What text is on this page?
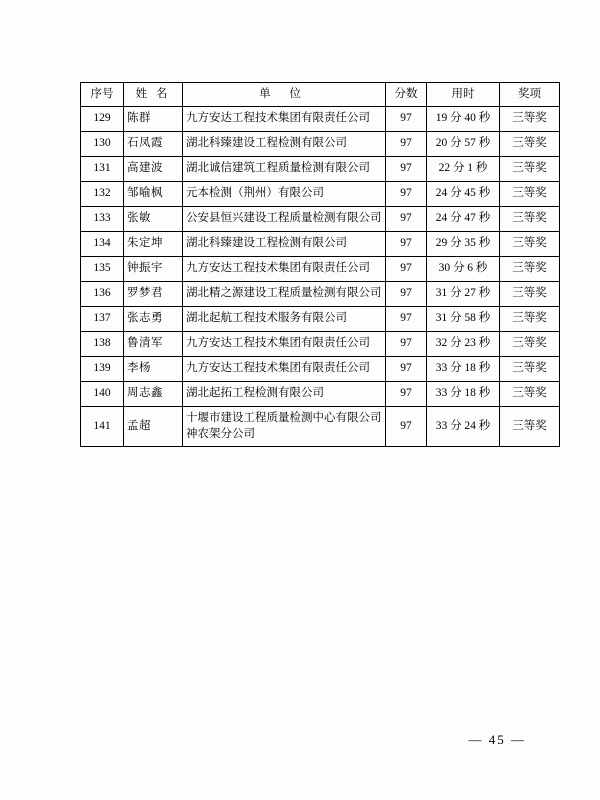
序号	姓 名	单 位	分数	用时	奖项
129	陈群	九方安达工程技术集团有限责任公司	97	19 分 40 秒	三等奖
130	石凤霞	湖北科臻建设工程检测有限公司	97	20 分 57 秒	三等奖
131	高建波	湖北诚信建筑工程质量检测有限公司	97	22 分 1 秒	三等奖
132	邹喻枫	元本检测（荆州）有限公司	97	24 分 45 秒	三等奖
133	张敏	公安县恒兴建设工程质量检测有限公司	97	24 分 47 秒	三等奖
134	朱定坤	湖北科臻建设工程检测有限公司	97	29 分 35 秒	三等奖
135	钟振宇	九方安达工程技术集团有限责任公司	97	30 分 6 秒	三等奖
136	罗梦君	湖北精之源建设工程质量检测有限公司	97	31 分 27 秒	三等奖
137	张志勇	湖北起航工程技术服务有限公司	97	31 分 58 秒	三等奖
138	鲁清军	九方安达工程技术集团有限责任公司	97	32 分 23 秒	三等奖
139	李杨	九方安达工程技术集团有限责任公司	97	33 分 18 秒	三等奖
140	周志鑫	湖北起拓工程检测有限公司	97	33 分 18 秒	三等奖
141	孟超	十堰市建设工程质量检测中心有限公司神农架分公司	97	33 分 24 秒	三等奖
— 45 —
